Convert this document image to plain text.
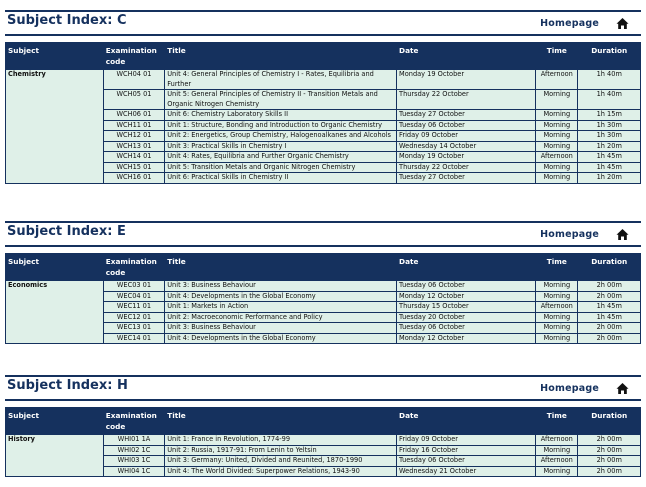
Subject Index: C	Homepage
Subject	Examination code	Title	Date	Time	Duration
Chemistry	WCH04 01	Unit 4: General Principles of Chemistry I - Rates, Equilibria and Further	Monday 19 October	Afternoon	1h 40m
	WCH05 01	Unit 5: General Principles of Chemistry II - Transition Metals and Organic Nitrogen Chemistry	Thursday 22 October	Morning	1h 40m
	WCH06 01	Unit 6: Chemistry Laboratory Skills II	Tuesday 27 October	Morning	1h 15m
	WCH11 01	Unit 1: Structure, Bonding and Introduction to Organic Chemistry	Tuesday 06 October	Morning	1h 30m
	WCH12 01	Unit 2: Energetics, Group Chemistry, Halogenoalkanes and Alcohols	Friday 09 October	Morning	1h 30m
	WCH13 01	Unit 3: Practical Skills in Chemistry I	Wednesday 14 October	Morning	1h 20m
	WCH14 01	Unit 4: Rates, Equilibria and Further Organic Chemistry	Monday 19 October	Afternoon	1h 45m
	WCH15 01	Unit 5: Transition Metals and Organic Nitrogen Chemistry	Thursday 22 October	Morning	1h 45m
	WCH16 01	Unit 6: Practical Skills in Chemistry II	Tuesday 27 October	Morning	1h 20m
Subject Index: E	Homepage
Subject	Examination code	Title	Date	Time	Duration
Economics	WEC03 01	Unit 3: Business Behaviour	Tuesday 06 October	Morning	2h 00m
	WEC04 01	Unit 4: Developments in the Global Economy	Monday 12 October	Morning	2h 00m
	WEC11 01	Unit 1: Markets in Action	Thursday 15 October	Afternoon	1h 45m
	WEC12 01	Unit 2: Macroeconomic Performance and Policy	Tuesday 20 October	Morning	1h 45m
	WEC13 01	Unit 3: Business Behaviour	Tuesday 06 October	Morning	2h 00m
	WEC14 01	Unit 4: Developments in the Global Economy	Monday 12 October	Morning	2h 00m
Subject Index: H	Homepage
Subject	Examination code	Title	Date	Time	Duration
History	WHI01 1A	Unit 1: France in Revolution, 1774-99	Friday 09 October	Afternoon	2h 00m
	WHI02 1C	Unit 2: Russia, 1917-91: From Lenin to Yeltsin	Friday 16 October	Morning	2h 00m
	WHI03 1C	Unit 3: Germany: United, Divided and Reunited, 1870-1990	Tuesday 06 October	Afternoon	2h 00m
	WHI04 1C	Unit 4: The World Divided: Superpower Relations, 1943-90	Wednesday 21 October	Morning	2h 00m
